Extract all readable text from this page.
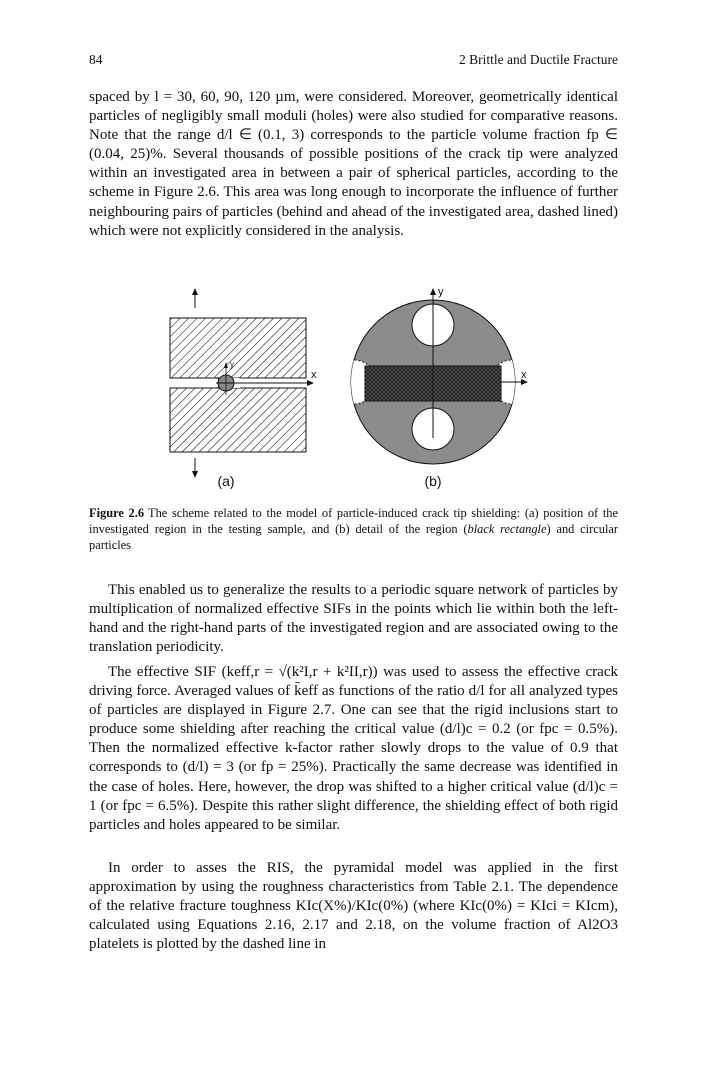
84	2 Brittle and Ductile Fracture

spaced by l = 30, 60, 90, 120 µm, were considered. Moreover, geometrically identical particles of negligibly small moduli (holes) were also studied for comparative reasons. Note that the range d/l ∈ (0.1, 3) corresponds to the particle volume fraction fp ∈ (0.04, 25)%. Several thousands of possible positions of the crack tip were analyzed within an investigated area in between a pair of spherical particles, according to the scheme in Figure 2.6. This area was long enough to incorporate the influence of further neighbouring pairs of particles (behind and ahead of the investigated area, dashed lined) which were not explicitly considered in the analysis.

y
x
y
x
(a)	(b)

Figure 2.6 The scheme related to the model of particle-induced crack tip shielding: (a) position of the investigated region in the testing sample, and (b) detail of the region (black rectangle) and circular particles

This enabled us to generalize the results to a periodic square network of particles by multiplication of normalized effective SIFs in the points which lie within both the left-hand and the right-hand parts of the investigated region and are associated owing to the translation periodicity.

The effective SIF (keff,r = √(k²I,r + k²II,r)) was used to assess the effective crack driving force. Averaged values of k̄eff as functions of the ratio d/l for all analyzed types of particles are displayed in Figure 2.7. One can see that the rigid inclusions start to produce some shielding after reaching the critical value (d/l)c = 0.2 (or fpc = 0.5%). Then the normalized effective k-factor rather slowly drops to the value of 0.9 that corresponds to (d/l) = 3 (or fp = 25%). Practically the same decrease was identified in the case of holes. Here, however, the drop was shifted to a higher critical value (d/l)c = 1 (or fpc = 6.5%). Despite this rather slight difference, the shielding effect of both rigid particles and holes appeared to be similar.

In order to asses the RIS, the pyramidal model was applied in the first approximation by using the roughness characteristics from Table 2.1. The dependence of the relative fracture toughness KIc(X%)/KIc(0%) (where KIc(0%) = KIci = KIcm), calculated using Equations 2.16, 2.17 and 2.18, on the volume fraction of Al2O3 platelets is plotted by the dashed line in
